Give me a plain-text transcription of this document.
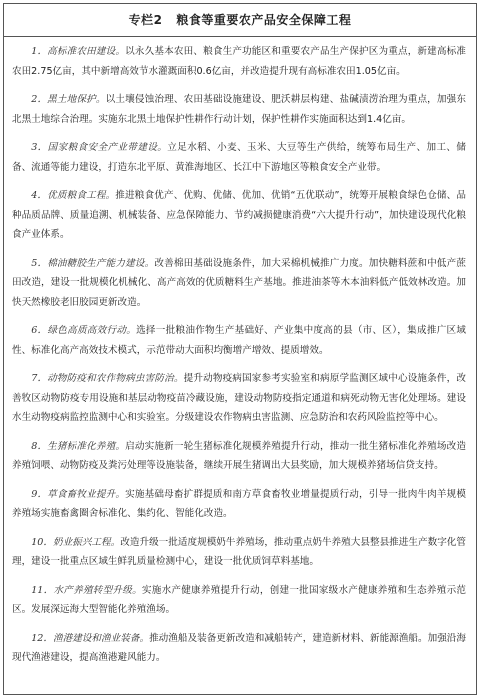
专栏2 粮食等重要农产品安全保障工程

1．高标准农田建设。以永久基本农田、粮食生产功能区和重要农产品生产保护区为重点，新建高标准农田2.75亿亩，其中新增高效节水灌溉面积0.6亿亩，并改造提升现有高标准农田1.05亿亩。

2．黑土地保护。以土壤侵蚀治理、农田基础设施建设、肥沃耕层构建、盐碱渍涝治理为重点，加强东北黑土地综合治理。实施东北黑土地保护性耕作行动计划，保护性耕作实施面积达到1.4亿亩。

3．国家粮食安全产业带建设。立足水稻、小麦、玉米、大豆等生产供给，统筹布局生产、加工、储备、流通等能力建设，打造东北平原、黄淮海地区、长江中下游地区等粮食安全产业带。

4．优质粮食工程。推进粮食优产、优购、优储、优加、优销“五优联动”，统筹开展粮食绿色仓储、品种品质品牌、质量追溯、机械装备、应急保障能力、节约减损健康消费“六大提升行动”，加快建设现代化粮食产业体系。

5．棉油糖胶生产能力建设。改善棉田基础设施条件，加大采棉机械推广力度。加快糖料蔗和中低产蔗田改造，建设一批规模化机械化、高产高效的优质糖料生产基地。推进油茶等木本油料低产低效林改造。加快天然橡胶老旧胶园更新改造。

6．绿色高质高效行动。选择一批粮油作物生产基础好、产业集中度高的县（市、区），集成推广区域性、标准化高产高效技术模式，示范带动大面积均衡增产增效、提质增效。

7．动物防疫和农作物病虫害防治。提升动物疫病国家参考实验室和病原学监测区域中心设施条件，改善牧区动物防疫专用设施和基层动物疫苗冷藏设施，建设动物防疫指定通道和病死动物无害化处理场。建设水生动物疫病监控监测中心和实验室。分级建设农作物病虫害监测、应急防治和农药风险监控等中心。

8．生猪标准化养殖。启动实施新一轮生猪标准化规模养殖提升行动，推动一批生猪标准化养殖场改造养殖饲喂、动物防疫及粪污处理等设施装备，继续开展生猪调出大县奖励，加大规模养猪场信贷支持。

9．草食畜牧业提升。实施基础母畜扩群提质和南方草食畜牧业增量提质行动，引导一批肉牛肉羊规模养殖场实施畜禽圈舍标准化、集约化、智能化改造。

10．奶业振兴工程。改造升级一批适度规模奶牛养殖场，推动重点奶牛养殖大县整县推进生产数字化管理，建设一批重点区域生鲜乳质量检测中心，建设一批优质饲草料基地。

11．水产养殖转型升级。实施水产健康养殖提升行动，创建一批国家级水产健康养殖和生态养殖示范区。发展深远海大型智能化养殖渔场。

12．渔港建设和渔业装备。推动渔船及装备更新改造和减船转产，建造新材料、新能源渔船。加强沿海现代渔港建设，提高渔港避风能力。
